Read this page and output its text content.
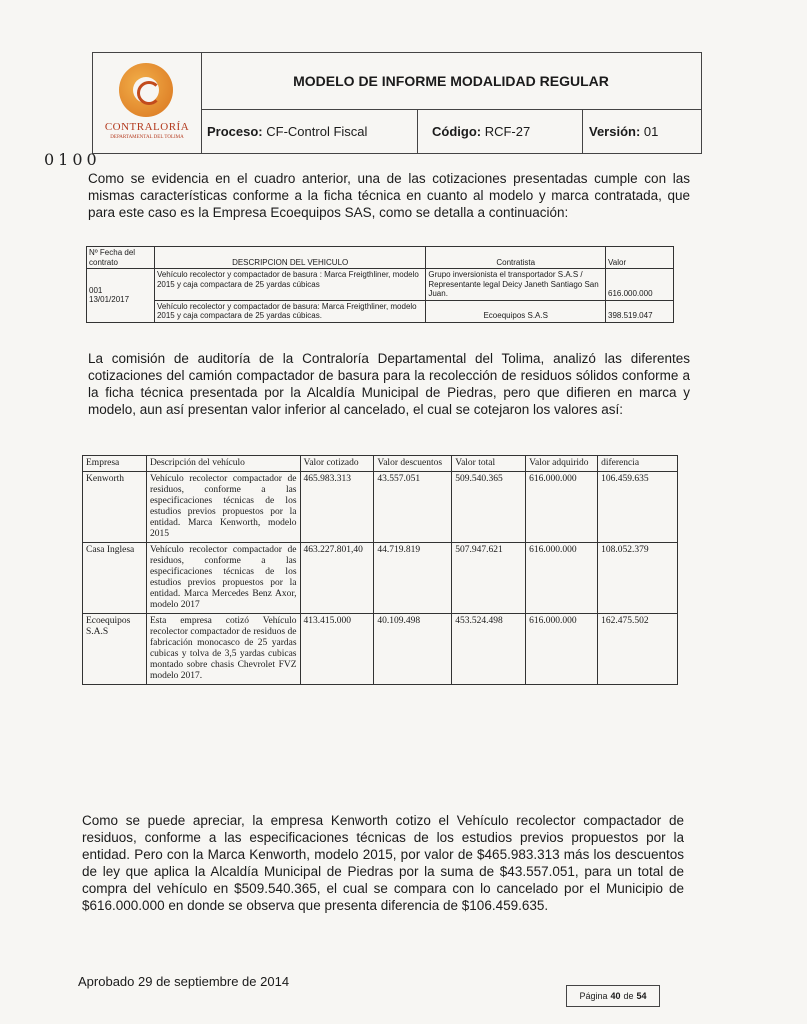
CONTRALORÍA
DEPARTAMENTAL DEL TOLIMA
MODELO DE INFORME MODALIDAD REGULAR
Proceso:
CF-Control Fiscal	Código:
RCF-27	Versión:
01
0100
Como se evidencia en el cuadro anterior, una de las cotizaciones presentadas cumple con las mismas características conforme a la ficha técnica en cuanto al modelo y marca contratada, que para este caso es la Empresa Ecoequipos SAS, como se detalla a continuación:
Nº Fecha del contrato	DESCRIPCION DEL VEHICULO	Contratista	Valor

001
13/01/2017	Vehículo recolector y compactador de basura : Marca Freigthliner, modelo 2015 y caja compactara de 25 yardas cúbicas	Grupo inversionista el transportador S.A.S / Representante legal Deicy Janeth Santiago San Juan.	616.000.000
	Vehículo recolector y compactador de basura: Marca Freigthliner, modelo 2015 y caja compactara de 25 yardas cúbicas.	Ecoequipos S.A.S	398.519.047
La comisión de auditoría de la Contraloría Departamental del Tolima, analizó las diferentes cotizaciones del camión compactador de basura para la recolección de residuos sólidos conforme a la ficha técnica presentada por la Alcaldía Municipal de Piedras, pero que difieren en marca y modelo, aun así presentan valor inferior al cancelado, el cual se cotejaron los valores así:
Empresa	Descripción del vehículo	Valor cotizado	Valor descuentos	Valor total	Valor adquirido	diferencia
Kenworth	Vehículo recolector compactador de residuos, conforme a las especificaciones técnicas de los estudios previos propuestos por la entidad. Marca Kenworth, modelo 2015	465.983.313	43.557.051	509.540.365	616.000.000	106.459.635
Casa Inglesa	Vehículo recolector compactador de residuos, conforme a las especificaciones técnicas de los estudios previos propuestos por la entidad. Marca Mercedes Benz Axor, modelo 2017	463.227.801,40	44.719.819	507.947.621	616.000.000	108.052.379
Ecoequipos S.A.S	Esta empresa cotizó Vehículo recolector compactador de residuos de fabricación monocasco de 25 yardas cubicas y tolva de 3,5 yardas cubicas montado sobre chasis Chevrolet FVZ modelo 2017.	413.415.000	40.109.498	453.524.498	616.000.000	162.475.502
Como se puede apreciar, la empresa Kenworth cotizo el Vehículo recolector compactador de residuos, conforme a las especificaciones técnicas de los estudios previos propuestos por la entidad. Pero con la Marca Kenworth, modelo 2015, por valor de $465.983.313 más los descuentos de ley que aplica la Alcaldía Municipal de Piedras por la suma de $43.557.051, para un total de compra del vehículo en $509.540.365, el cual se compara con lo cancelado por el Municipio de $616.000.000 en donde se observa que presenta diferencia de $106.459.635.
Aprobado 29 de septiembre de 2014
Página 40 de 54
